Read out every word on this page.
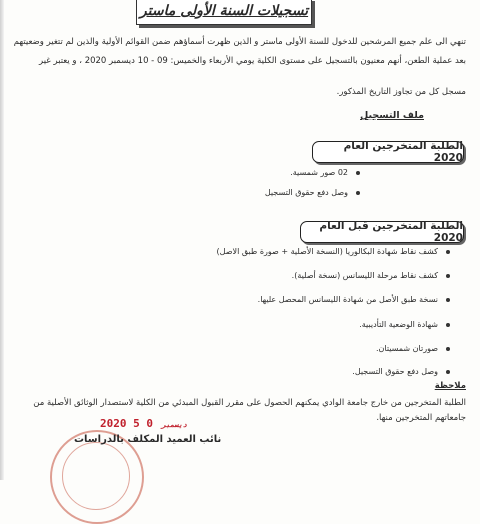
تسجيلات السنة الأولى ماستر
تنهي الى علم جميع المرشحين للدخول للسنة الأولى ماستر و الذين ظهرت أسماؤهم ضمن القوائم الأولية والذين لم تتغير وضعيتهم
بعد عملية الطعن، أنهم معنيون بالتسجيل على مستوى الكلية يومي الأربعاء والخميس: 09 - 10 ديسمبر 2020 ، و يعتبر غير
مسجل كل من تجاوز التاريخ المذكور.
ملف التسجيل
الطلبة المتخرجين العام 2020
02 صور شمسية.
وصل دفع حقوق التسجيل
الطلبة المتخرجين قبل العام 2020
كشف نقاط شهادة البكالوريا (النسخة الأصلية + صورة طبق الاصل)
كشف نقاط مرحلة الليسانس (نسخة أصلية).
نسخة طبق الأصل من شهادة الليسانس المحصل عليها.
شهادة الوضعية التأديبية.
صورتان شمسيتان.
وصل دفع حقوق التسجيل.
ملاحظة
الطلبة المتخرجين من خارج جامعة الوادي يمكنهم الحصول على مقرر القبول المبدئي من الكلية لاستصدار الوثائق الأصلية من
جامعاتهم المتخرجين منها.
2020	ديسمبر 0 5
نائب العميد المكلف بالدراسات
